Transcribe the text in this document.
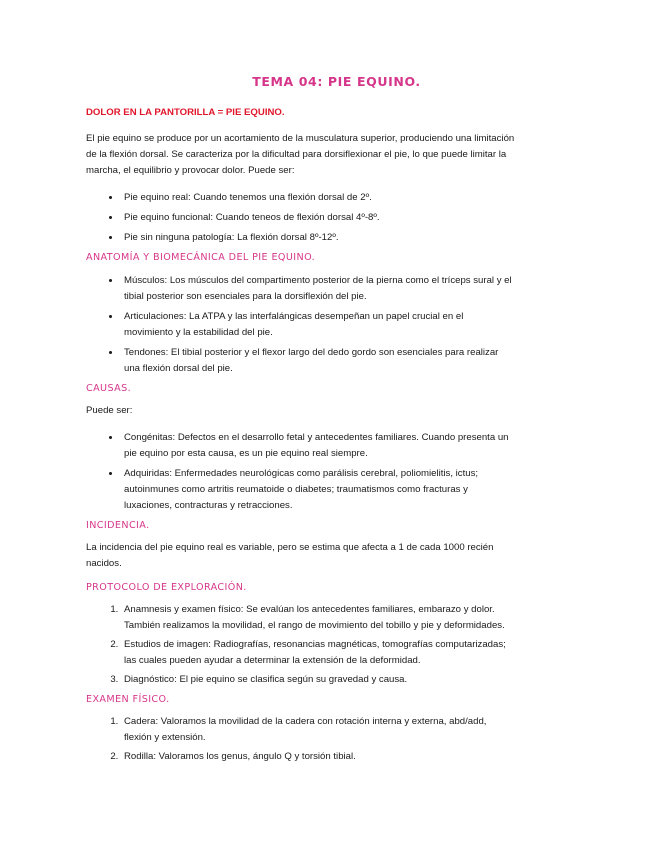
TEMA 04: PIE EQUINO.
DOLOR EN LA PANTORILLA = PIE EQUINO.

El pie equino se produce por un acortamiento de la musculatura superior, produciendo una limitación de la flexión dorsal. Se caracteriza por la dificultad para dorsiflexionar el pie, lo que puede limitar la marcha, el equilibrio y provocar dolor. Puede ser:

• Pie equino real: Cuando tenemos una flexión dorsal de 2º.
• Pie equino funcional: Cuando teneos de flexión dorsal 4º-8º.
• Pie sin ninguna patología: La flexión dorsal 8º-12º.
ANATOMÍA Y BIOMECÁNICA DEL PIE EQUINO.
• Músculos: Los músculos del compartimento posterior de la pierna como el tríceps sural y el tibial posterior son esenciales para la dorsiflexión del pie.
• Articulaciones: La ATPA y las interfalángicas desempeñan un papel crucial en el movimiento y la estabilidad del pie.
• Tendones: El tibial posterior y el flexor largo del dedo gordo son esenciales para realizar una flexión dorsal del pie.
CAUSAS.

Puede ser:

• Congénitas: Defectos en el desarrollo fetal y antecedentes familiares. Cuando presenta un pie equino por esta causa, es un pie equino real siempre.
• Adquiridas: Enfermedades neurológicas como parálisis cerebral, poliomielitis, ictus; autoinmunes como artritis reumatoide o diabetes; traumatismos como fracturas y luxaciones, contracturas y retracciones.
INCIDENCIA.

La incidencia del pie equino real es variable, pero se estima que afecta a 1 de cada 1000 recién nacidos.

PROTOCOLO DE EXPLORACIÓN.
1. Anamnesis y examen físico: Se evalúan los antecedentes familiares, embarazo y dolor. También realizamos la movilidad, el rango de movimiento del tobillo y pie y deformidades.
2. Estudios de imagen: Radiografías, resonancias magnéticas, tomografías computarizadas; las cuales pueden ayudar a determinar la extensión de la deformidad.
3. Diagnóstico: El pie equino se clasifica según su gravedad y causa.
EXAMEN FÍSICO.
1. Cadera: Valoramos la movilidad de la cadera con rotación interna y externa, abd/add, flexión y extensión.
2. Rodilla: Valoramos los genus, ángulo Q y torsión tibial.
